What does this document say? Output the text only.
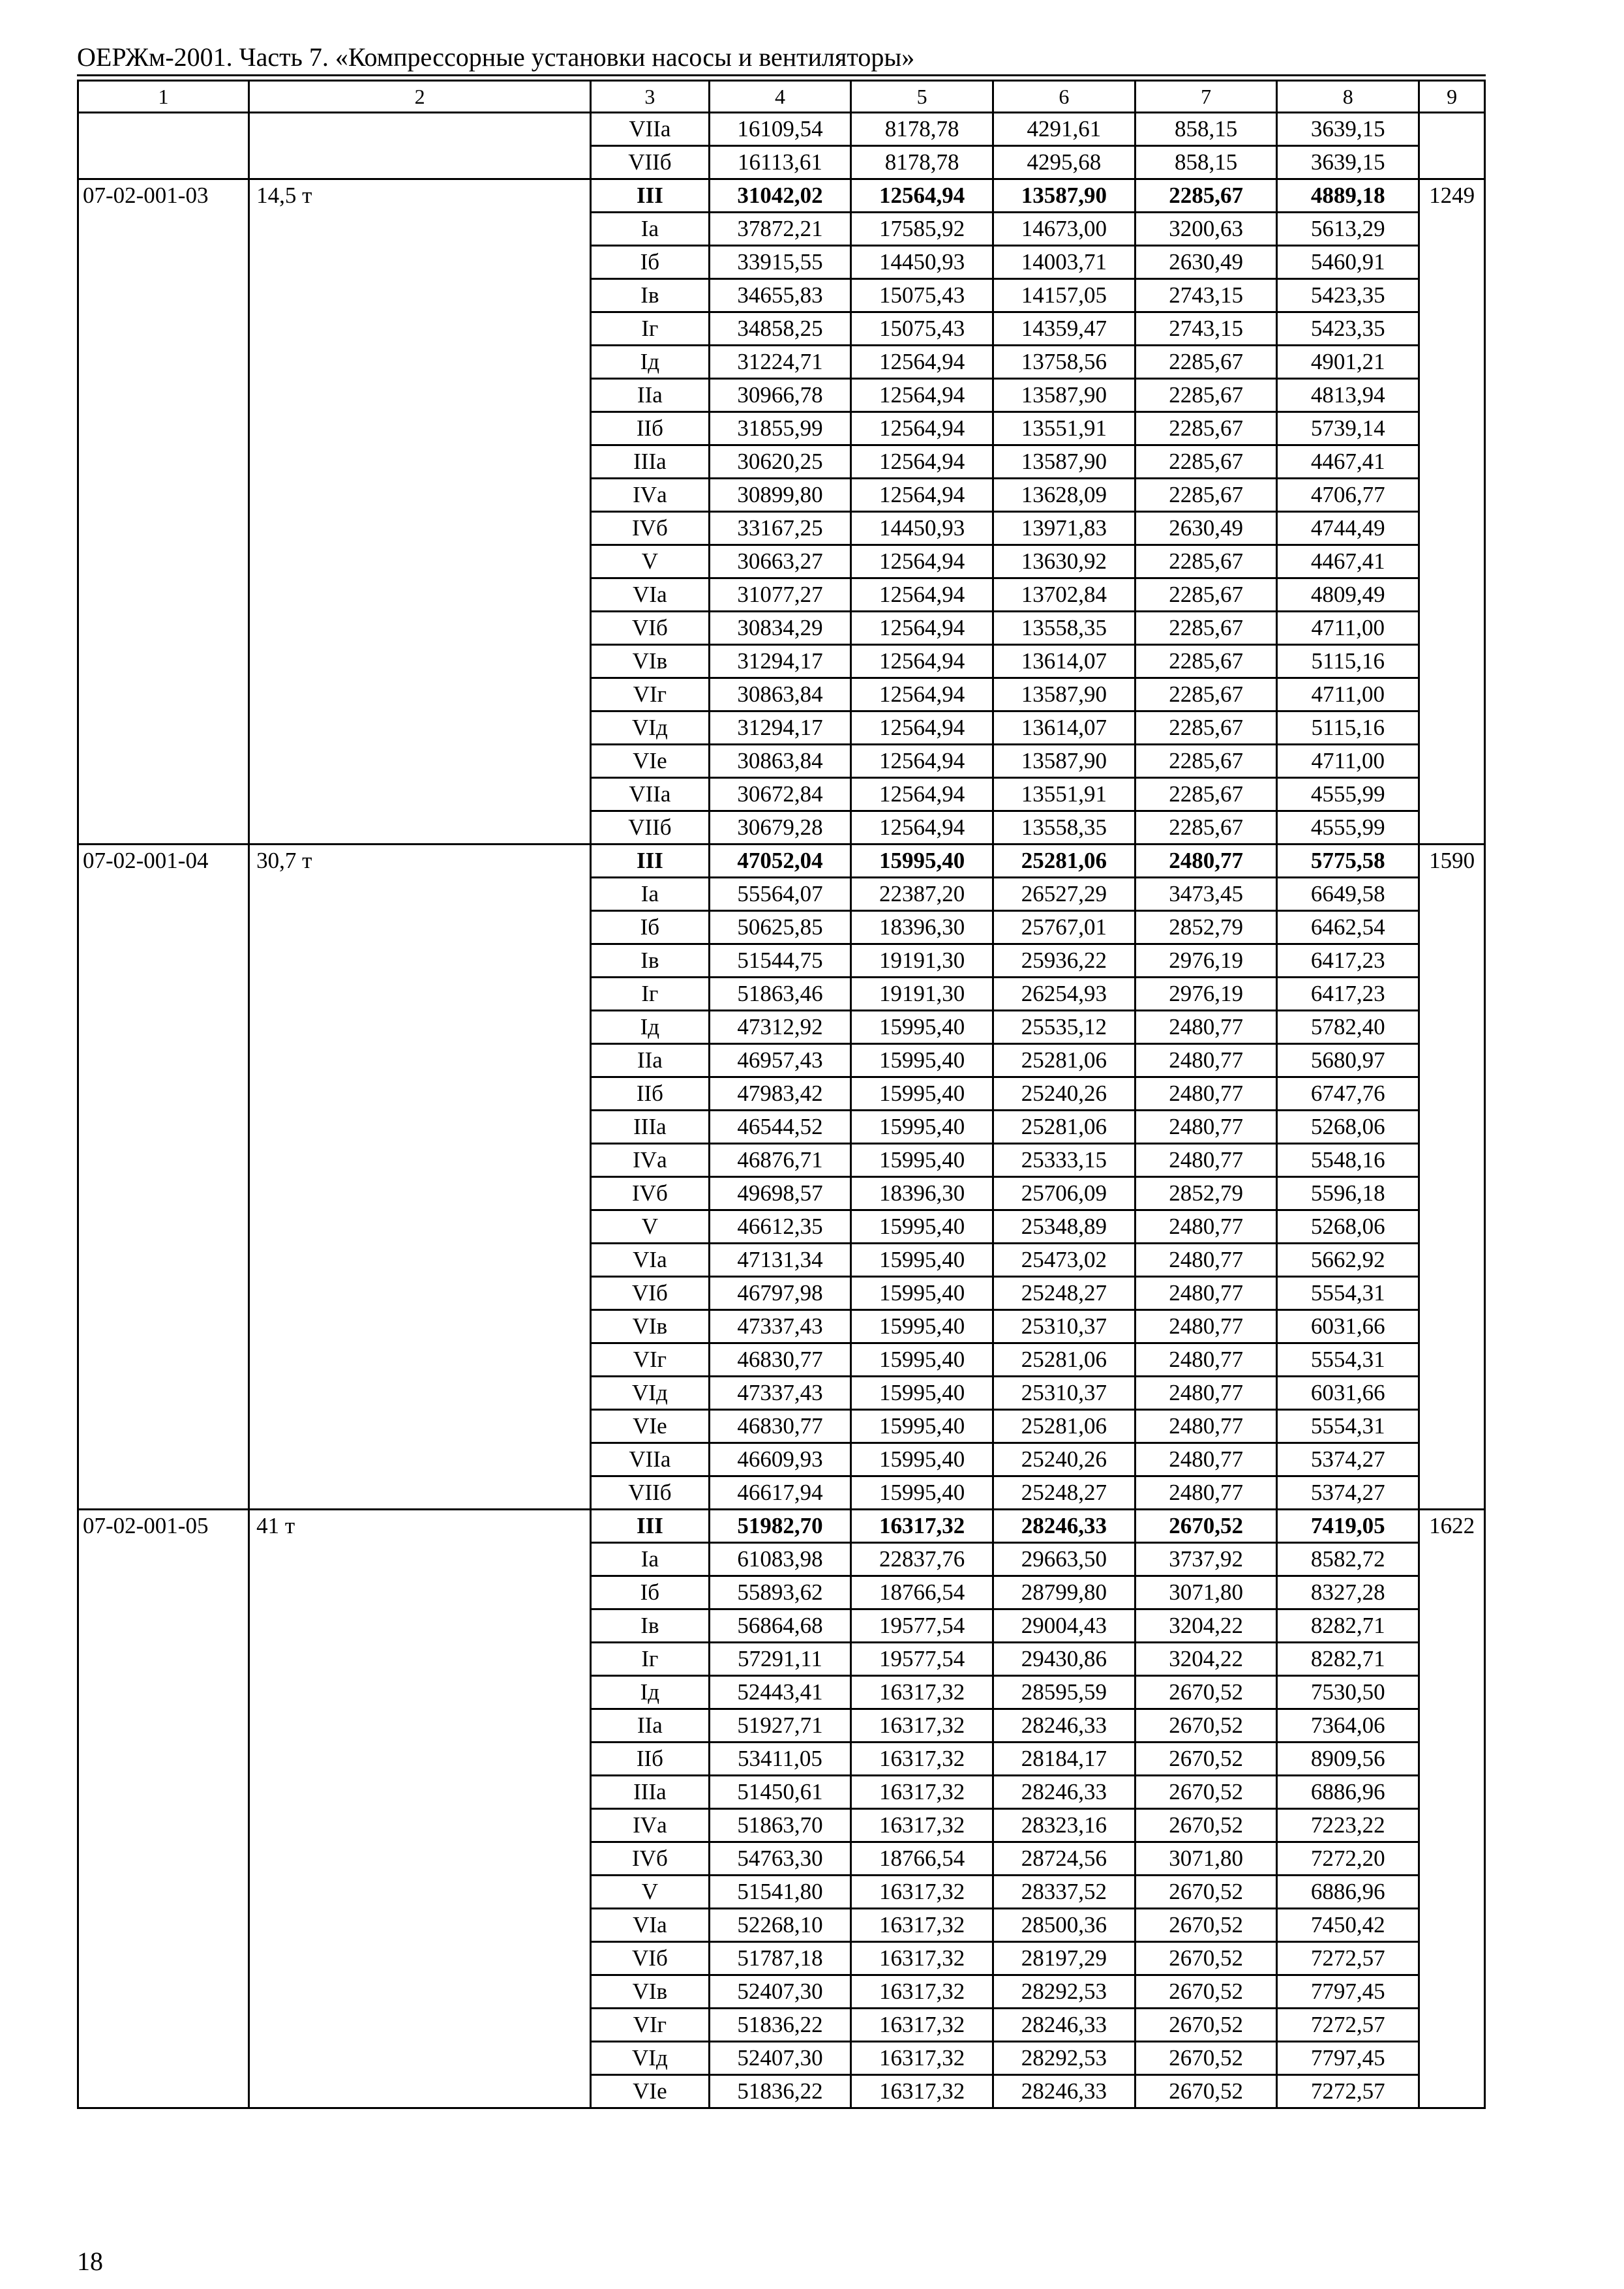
ОЕРЖм-2001. Часть 7. «Компрессорные установки насосы и вентиляторы»
1	2	3	4	5	6	7	8	9
		VIIа	16109,54	8178,78	4291,61	858,15	3639,15	
		VIIб	16113,61	8178,78	4295,68	858,15	3639,15	
07-02-001-03	14,5 т	III	31042,02	12564,94	13587,90	2285,67	4889,18	1249
		Iа	37872,21	17585,92	14673,00	3200,63	5613,29	
		Iб	33915,55	14450,93	14003,71	2630,49	5460,91	
		Iв	34655,83	15075,43	14157,05	2743,15	5423,35	
		Iг	34858,25	15075,43	14359,47	2743,15	5423,35	
		Iд	31224,71	12564,94	13758,56	2285,67	4901,21	
		IIа	30966,78	12564,94	13587,90	2285,67	4813,94	
		IIб	31855,99	12564,94	13551,91	2285,67	5739,14	
		IIIа	30620,25	12564,94	13587,90	2285,67	4467,41	
		IVа	30899,80	12564,94	13628,09	2285,67	4706,77	
		IVб	33167,25	14450,93	13971,83	2630,49	4744,49	
		V	30663,27	12564,94	13630,92	2285,67	4467,41	
		VIа	31077,27	12564,94	13702,84	2285,67	4809,49	
		VIб	30834,29	12564,94	13558,35	2285,67	4711,00	
		VIв	31294,17	12564,94	13614,07	2285,67	5115,16	
		VIг	30863,84	12564,94	13587,90	2285,67	4711,00	
		VIд	31294,17	12564,94	13614,07	2285,67	5115,16	
		VIе	30863,84	12564,94	13587,90	2285,67	4711,00	
		VIIа	30672,84	12564,94	13551,91	2285,67	4555,99	
		VIIб	30679,28	12564,94	13558,35	2285,67	4555,99	
07-02-001-04	30,7 т	III	47052,04	15995,40	25281,06	2480,77	5775,58	1590
		Iа	55564,07	22387,20	26527,29	3473,45	6649,58	
		Iб	50625,85	18396,30	25767,01	2852,79	6462,54	
		Iв	51544,75	19191,30	25936,22	2976,19	6417,23	
		Iг	51863,46	19191,30	26254,93	2976,19	6417,23	
		Iд	47312,92	15995,40	25535,12	2480,77	5782,40	
		IIа	46957,43	15995,40	25281,06	2480,77	5680,97	
		IIб	47983,42	15995,40	25240,26	2480,77	6747,76	
		IIIа	46544,52	15995,40	25281,06	2480,77	5268,06	
		IVа	46876,71	15995,40	25333,15	2480,77	5548,16	
		IVб	49698,57	18396,30	25706,09	2852,79	5596,18	
		V	46612,35	15995,40	25348,89	2480,77	5268,06	
		VIа	47131,34	15995,40	25473,02	2480,77	5662,92	
		VIб	46797,98	15995,40	25248,27	2480,77	5554,31	
		VIв	47337,43	15995,40	25310,37	2480,77	6031,66	
		VIг	46830,77	15995,40	25281,06	2480,77	5554,31	
		VIд	47337,43	15995,40	25310,37	2480,77	6031,66	
		VIе	46830,77	15995,40	25281,06	2480,77	5554,31	
		VIIа	46609,93	15995,40	25240,26	2480,77	5374,27	
		VIIб	46617,94	15995,40	25248,27	2480,77	5374,27	
07-02-001-05	41 т	III	51982,70	16317,32	28246,33	2670,52	7419,05	1622
		Iа	61083,98	22837,76	29663,50	3737,92	8582,72	
		Iб	55893,62	18766,54	28799,80	3071,80	8327,28	
		Iв	56864,68	19577,54	29004,43	3204,22	8282,71	
		Iг	57291,11	19577,54	29430,86	3204,22	8282,71	
		Iд	52443,41	16317,32	28595,59	2670,52	7530,50	
		IIа	51927,71	16317,32	28246,33	2670,52	7364,06	
		IIб	53411,05	16317,32	28184,17	2670,52	8909,56	
		IIIа	51450,61	16317,32	28246,33	2670,52	6886,96	
		IVа	51863,70	16317,32	28323,16	2670,52	7223,22	
		IVб	54763,30	18766,54	28724,56	3071,80	7272,20	
		V	51541,80	16317,32	28337,52	2670,52	6886,96	
		VIа	52268,10	16317,32	28500,36	2670,52	7450,42	
		VIб	51787,18	16317,32	28197,29	2670,52	7272,57	
		VIв	52407,30	16317,32	28292,53	2670,52	7797,45	
		VIг	51836,22	16317,32	28246,33	2670,52	7272,57	
		VIд	52407,30	16317,32	28292,53	2670,52	7797,45	
		VIе	51836,22	16317,32	28246,33	2670,52	7272,57	
18
